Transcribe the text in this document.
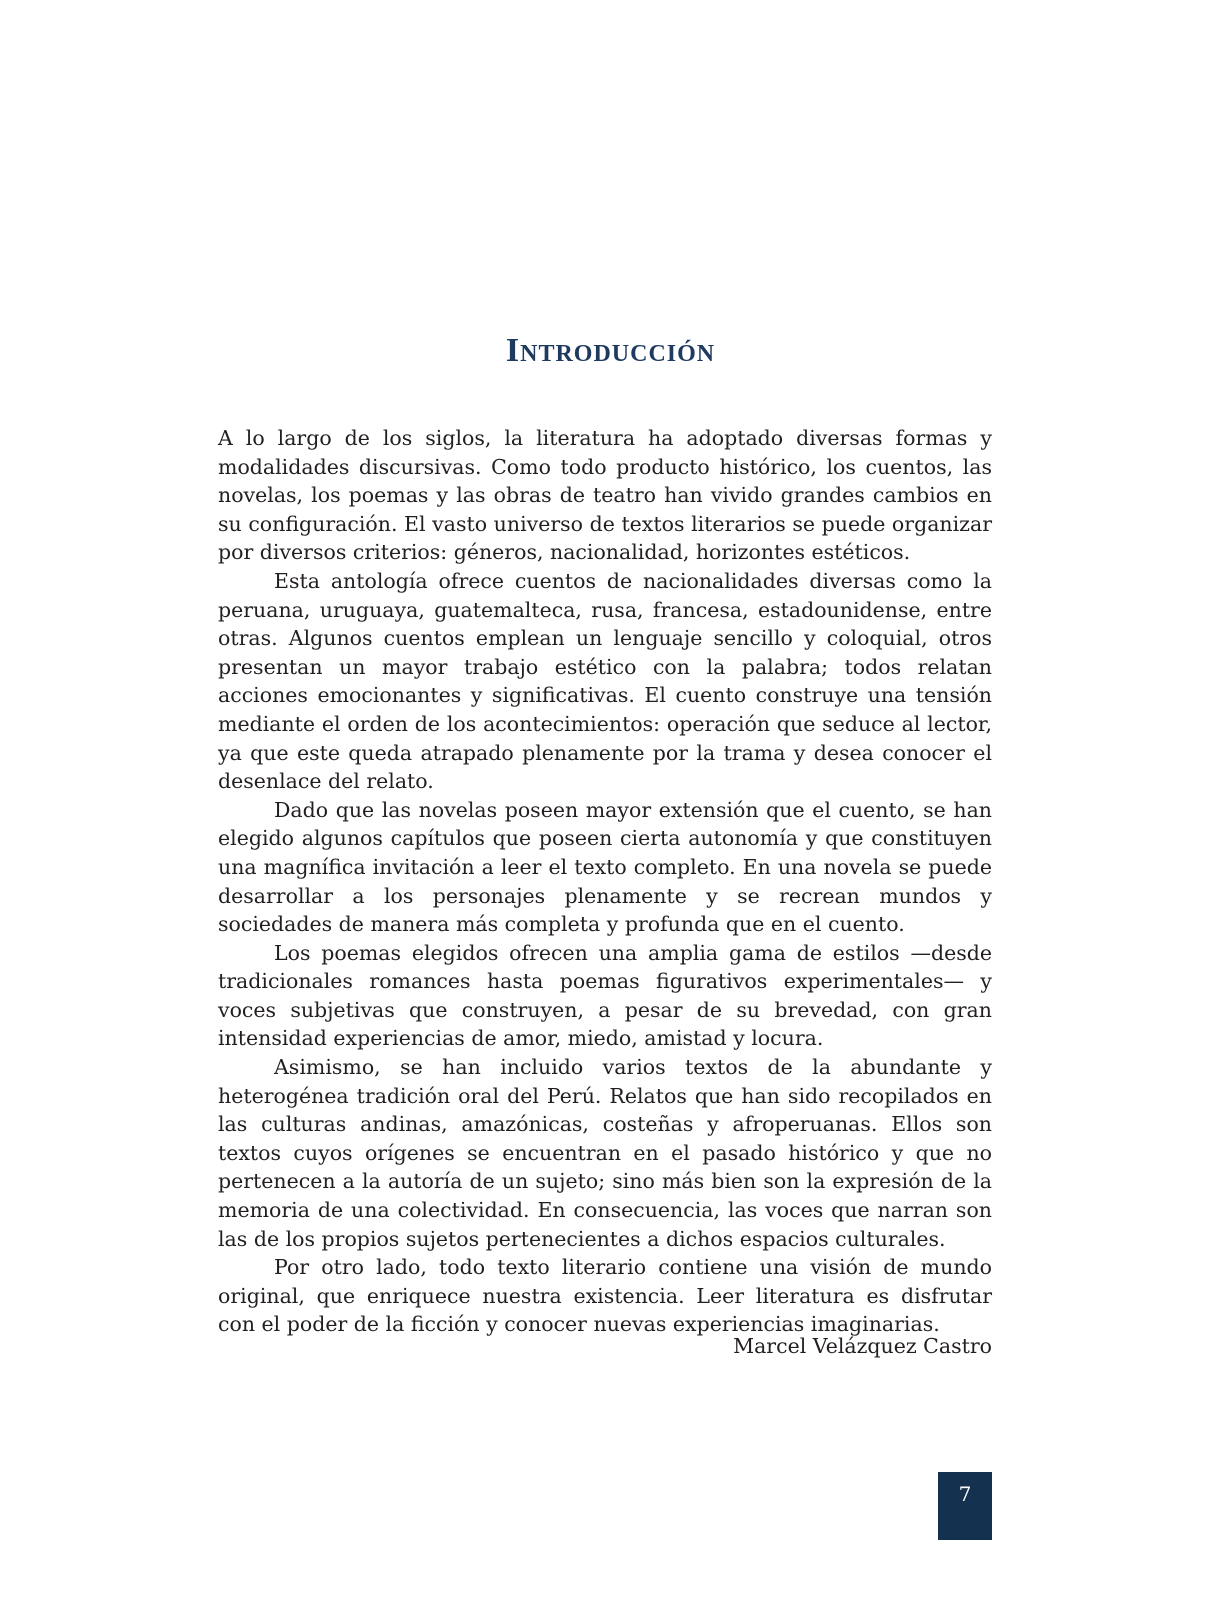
Introducción

A lo largo de los siglos, la literatura ha adoptado diversas formas y modalidades discursivas. Como todo producto histórico, los cuentos, las novelas, los poemas y las obras de teatro han vivido grandes cambios en su configuración. El vasto universo de textos literarios se puede organizar por diversos criterios: géneros, nacionalidad, horizontes estéticos.

Esta antología ofrece cuentos de nacionalidades diversas como la peruana, uruguaya, guatemalteca, rusa, francesa, estadounidense, entre otras. Algunos cuentos emplean un lenguaje sencillo y coloquial, otros presentan un mayor trabajo estético con la palabra; todos relatan acciones emocionantes y significativas. El cuento construye una tensión mediante el orden de los acontecimientos: operación que seduce al lector, ya que este queda atrapado plenamente por la trama y desea conocer el desenlace del relato.

Dado que las novelas poseen mayor extensión que el cuento, se han elegido algunos capítulos que poseen cierta autonomía y que constituyen una magnífica invitación a leer el texto completo. En una novela se puede desarrollar a los personajes plenamente y se recrean mundos y sociedades de manera más completa y profunda que en el cuento.

Los poemas elegidos ofrecen una amplia gama de estilos —desde tradicionales romances hasta poemas figurativos experimentales— y voces subjetivas que construyen, a pesar de su brevedad, con gran intensidad experiencias de amor, miedo, amistad y locura.

Asimismo, se han incluido varios textos de la abundante y heterogénea tradición oral del Perú. Relatos que han sido recopilados en las culturas andinas, amazónicas, costeñas y afroperuanas. Ellos son textos cuyos orígenes se encuentran en el pasado histórico y que no pertenecen a la autoría de un sujeto; sino más bien son la expresión de la memoria de una colectividad. En consecuencia, las voces que narran son las de los propios sujetos pertenecientes a dichos espacios culturales.

Por otro lado, todo texto literario contiene una visión de mundo original, que enriquece nuestra existencia. Leer literatura es disfrutar con el poder de la ficción y conocer nuevas experiencias imaginarias.

Marcel Velázquez Castro
7
